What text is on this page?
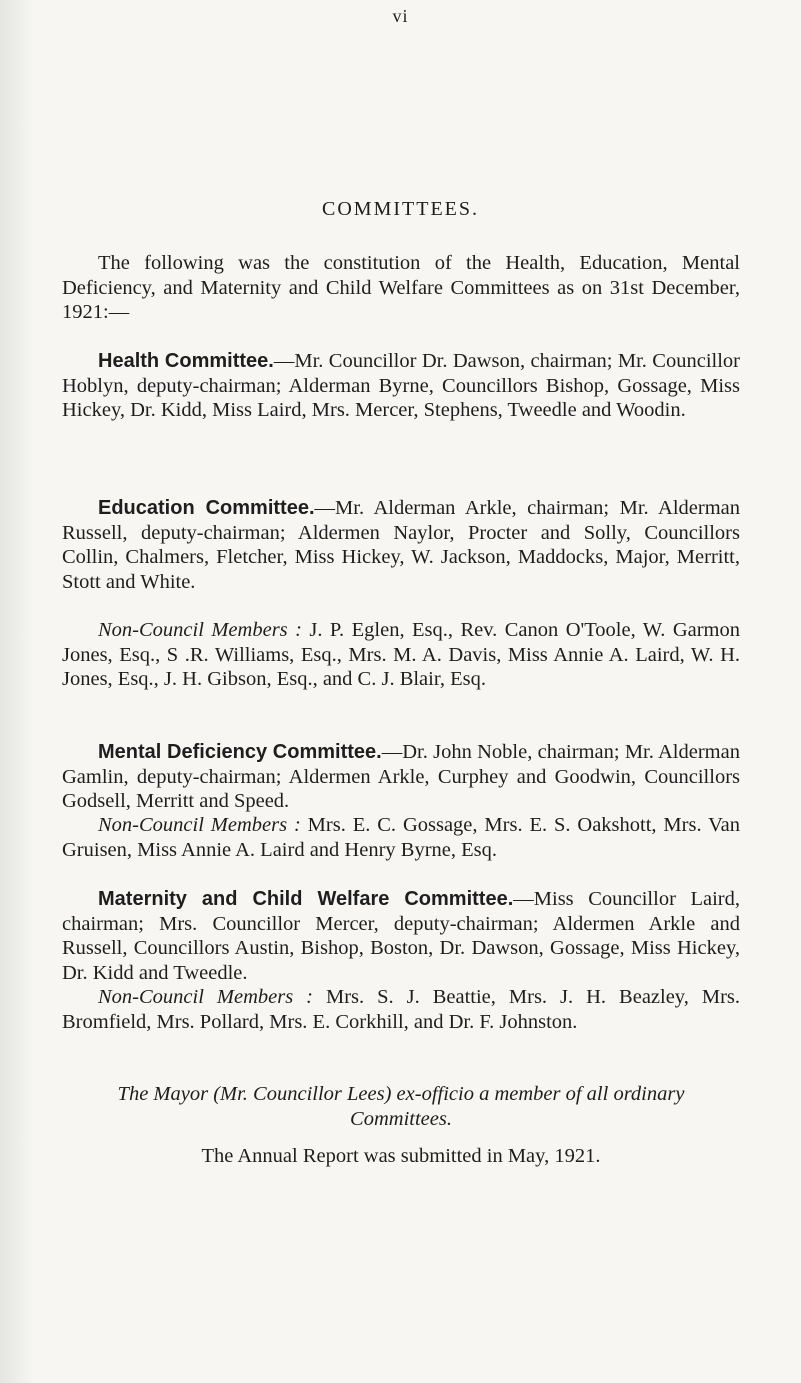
vi
COMMITTEES.

The following was the constitution of the Health, Education, Mental Deficiency, and Maternity and Child Welfare Committees as on 31st December, 1921:—

Health Committee.—Mr. Councillor Dr. Dawson, chairman; Mr. Councillor Hoblyn, deputy-chairman; Alderman Byrne, Councillors Bishop, Gossage, Miss Hickey, Dr. Kidd, Miss Laird, Mrs. Mercer, Stephens, Tweedle and Woodin.

Education Committee.—Mr. Alderman Arkle, chairman; Mr. Alderman Russell, deputy-chairman; Aldermen Naylor, Procter and Solly, Councillors Collin, Chalmers, Fletcher, Miss Hickey, W. Jackson, Maddocks, Major, Merritt, Stott and White.

Non-Council Members : J. P. Eglen, Esq., Rev. Canon O'Toole, W. Garmon Jones, Esq., S .R. Williams, Esq., Mrs. M. A. Davis, Miss Annie A. Laird, W. H. Jones, Esq., J. H. Gibson, Esq., and C. J. Blair, Esq.

Mental Deficiency Committee.—Dr. John Noble, chairman; Mr. Alderman Gamlin, deputy-chairman; Aldermen Arkle, Curphey and Goodwin, Councillors Godsell, Merritt and Speed.

Non-Council Members : Mrs. E. C. Gossage, Mrs. E. S. Oakshott, Mrs. Van Gruisen, Miss Annie A. Laird and Henry Byrne, Esq.

Maternity and Child Welfare Committee.—Miss Councillor Laird, chairman; Mrs. Councillor Mercer, deputy-chairman; Aldermen Arkle and Russell, Councillors Austin, Bishop, Boston, Dr. Dawson, Gossage, Miss Hickey, Dr. Kidd and Tweedle.

Non-Council Members : Mrs. S. J. Beattie, Mrs. J. H. Beazley, Mrs. Bromfield, Mrs. Pollard, Mrs. E. Corkhill, and Dr. F. Johnston.

The Mayor (Mr. Councillor Lees) ex-officio a member of all ordinary Committees.

The Annual Report was submitted in May, 1921.
